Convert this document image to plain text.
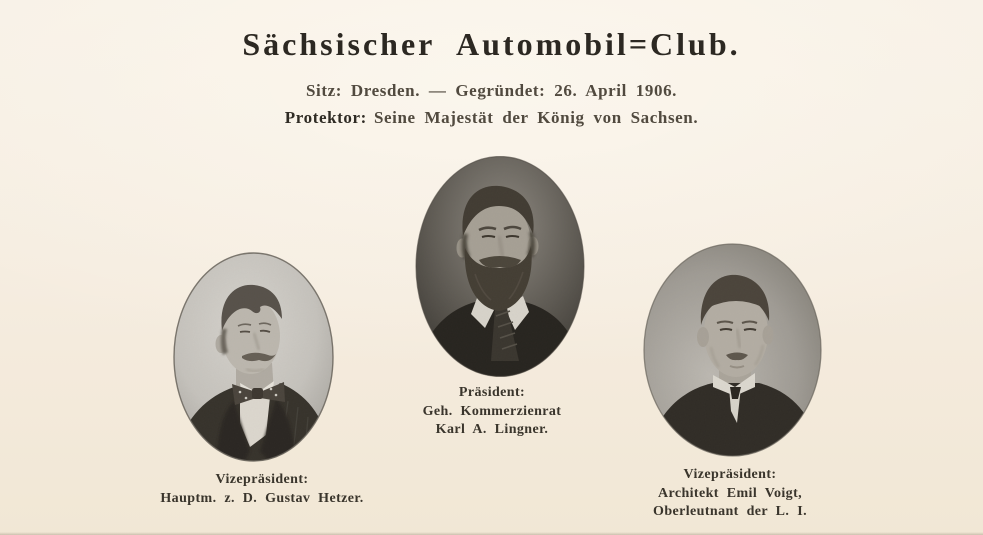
Sächsischer Automobil=Club.
Sitz: Dresden. — Gegründet: 26. April 1906.
Protektor: Seine Majestät der König von Sachsen.
Vizepräsident:
Hauptm. z. D. Gustav Hetzer.
Präsident:
Geh. Kommerzienrat
Karl A. Lingner.
Vizepräsident:
Architekt Emil Voigt,
Oberleutnant der L. I.
